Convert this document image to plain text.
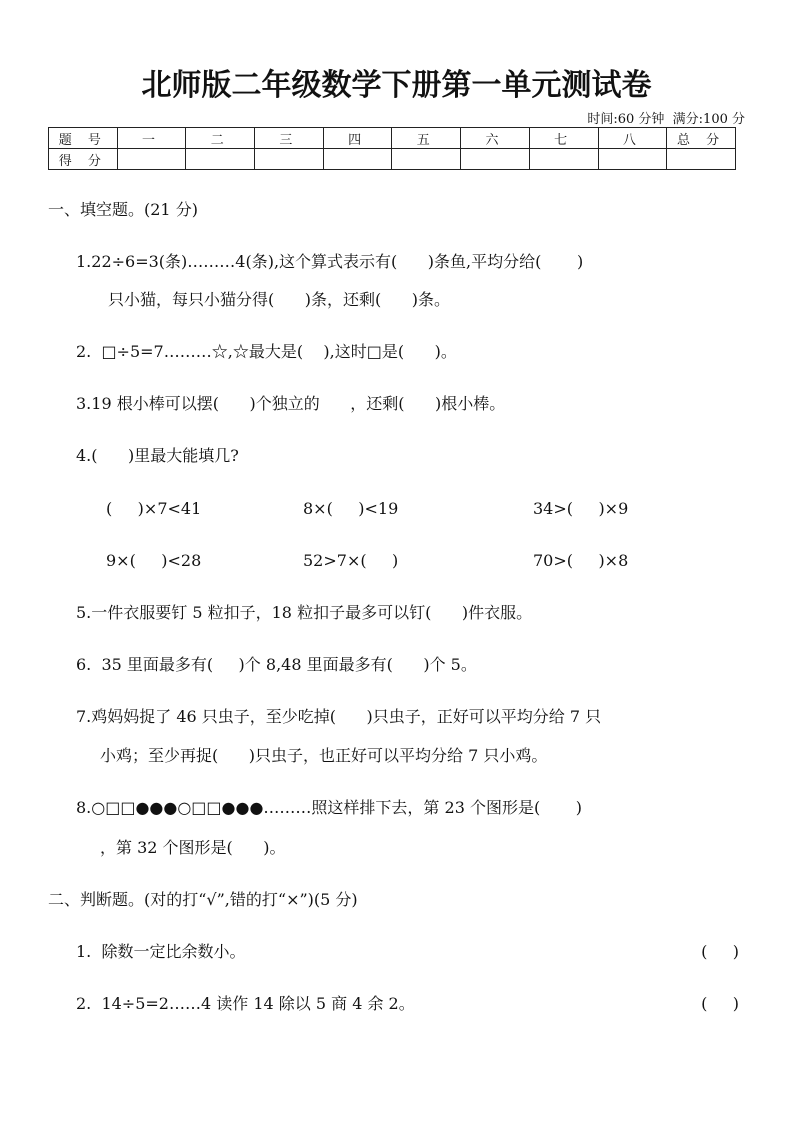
北师版二年级数学下册第一单元测试卷
时间:60 分钟  满分:100 分
题 号	一	二	三	四	五	六	七	八	总 分
得 分									
一、填空题。(21 分)
1.22÷6=3(条)………4(条),这个算式表示有(      )条鱼,平均分给(       )
只小猫，每只小猫分得(      )条，还剩(      )条。
2.  □÷5=7………☆,☆最大是(    ),这时□是(      )。
3.19 根小棒可以摆(      )个独立的      ，还剩(      )根小棒。
4.(      )里最大能填几?
(     )×7<41	8×(     )<19	34>(     )×9
9×(     )<28	52>7×(     )	70>(     )×8
5.一件衣服要钉 5 粒扣子，18 粒扣子最多可以钉(      )件衣服。
6.  35 里面最多有(     )个 8,48 里面最多有(      )个 5。
7.鸡妈妈捉了 46 只虫子，至少吃掉(      )只虫子，正好可以平均分给 7 只
小鸡；至少再捉(      )只虫子，也正好可以平均分给 7 只小鸡。
8.○□□●●●○□□●●●………照这样排下去，第 23 个图形是(       )
，第 32 个图形是(      )。
二、判断题。(对的打“√”,错的打“×”)(5 分)
1.  除数一定比余数小。	(     )
2.  14÷5=2……4 读作 14 除以 5 商 4 余 2。	(     )
